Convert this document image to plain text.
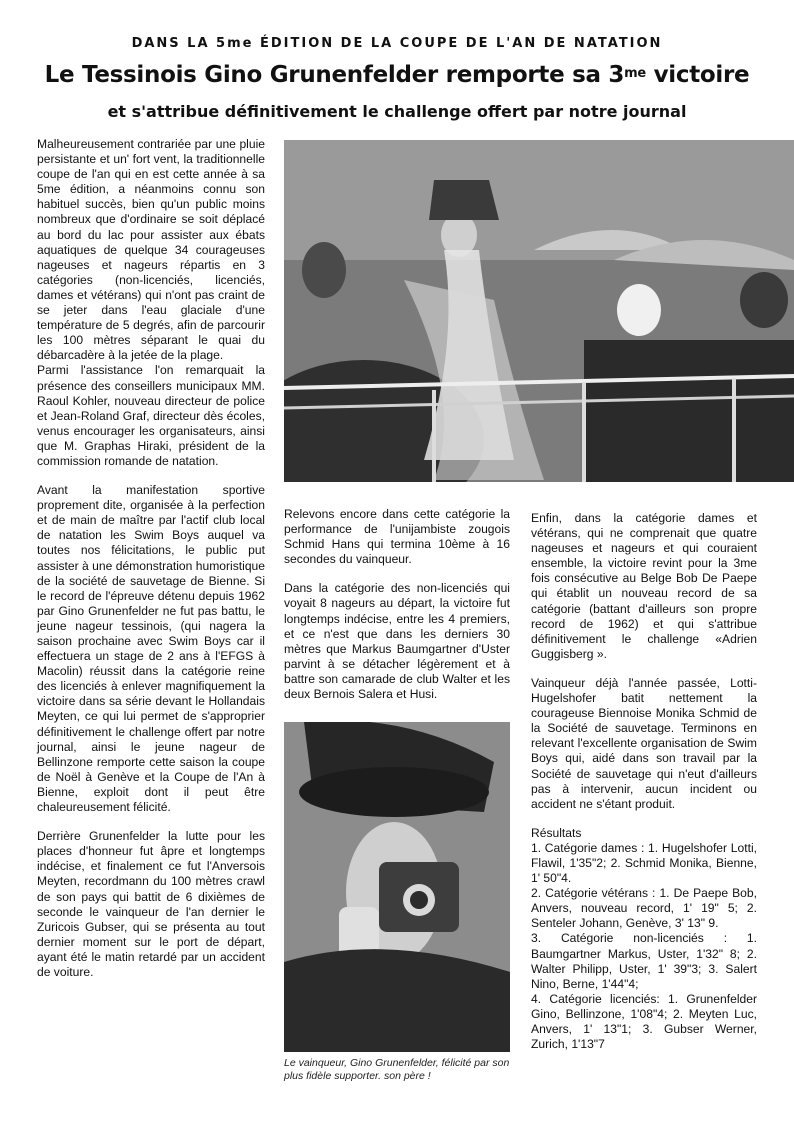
DANS LA 5me ÉDITION DE LA COUPE DE L'AN DE NATATION
Le Tessinois Gino Grunenfelder remporte sa $3^{me}$ victoire
et s'attribue définitivement le challenge offert par notre journal

Malheureusement contrariée par une pluie persistante et un' fort vent, la traditionnelle coupe de l'an qui en est cette année à sa 5me édition, a néanmoins connu son habituel succès, bien qu'un public moins nombreux que d'ordinaire se soit déplacé au bord du lac pour assister aux ébats aquatiques de quelque 34 courageuses nageuses et nageurs répartis en 3 catégories (non-licenciés, licenciés, dames et vétérans) qui n'ont pas craint de se jeter dans l'eau glaciale d'une température de 5 degrés, afin de parcourir les 100 mètres séparant le quai du débarcadère à la jetée de la plage.

Parmi l'assistance l'on remarquait la présence des conseillers municipaux MM. Raoul Kohler, nouveau directeur de police et Jean-Roland Graf, directeur dès écoles, venus encourager les organisateurs, ainsi que M. Graphas Hiraki, président de la commission romande de natation.

Avant la manifestation sportive proprement dite, organisée à la perfection et de main de maître par l'actif club local de natation les Swim Boys auquel va toutes nos félicitations, le public put assister à une démonstration humoristique de la société de sauvetage de Bienne. Si le record de l'épreuve détenu depuis 1962 par Gino Grunenfelder ne fut pas battu, le jeune nageur tessinois, (qui nagera la saison prochaine avec Swim Boys car il effectuera un stage de 2 ans à l'EFGS à Macolin) réussit dans la catégorie reine des licenciés à enlever magnifiquement la victoire dans sa série devant le Hollandais Meyten, ce qui lui permet de s'approprier définitivement le challenge offert par notre journal, ainsi le jeune nageur de Bellinzone remporte cette saison la coupe de Noël à Genève et la Coupe de l'An à Bienne, exploit dont il peut être chaleureusement félicité.

Derrière Grunenfelder la lutte pour les places d'honneur fut âpre et longtemps indécise, et finalement ce fut l'Anversois Meyten, recordmann du 100 mètres crawl de son pays qui battit de 6 dixièmes de seconde le vainqueur de l'an dernier le Zuricois Gubser, qui se présenta au tout dernier moment sur le port de départ, ayant été le matin retardé par un accident de voiture.

Relevons encore dans cette catégorie la performance de l'unijambiste zougois Schmid Hans qui termina 10ème à 16 secondes du vainqueur.

Dans la catégorie des non-licenciés qui voyait 8 nageurs au départ, la victoire fut longtemps indécise, entre les 4 premiers, et ce n'est que dans les derniers 30 mètres que Markus Baumgartner d'Uster parvint à se détacher légèrement et à battre son camarade de club Walter et les deux Bernois Salera et Husi.

Le vainqueur, Gino Grunenfelder, félicité par son plus fidèle supporter. son père !

Enfin, dans la catégorie dames et vétérans, qui ne comprenait que quatre nageuses et nageurs et qui couraient ensemble, la victoire revint pour la 3me fois consécutive au Belge Bob De Paepe qui établit un nouveau record de sa catégorie (battant d'ailleurs son propre record de 1962) et qui s'attribue définitivement le challenge «Adrien Guggisberg ».

Vainqueur déjà l'année passée, Lotti-Hugelshofer batit nettement la courageuse Biennoise Monika Schmid de la Société de sauvetage. Terminons en relevant l'excellente organisation de Swim Boys qui, aidé dans son travail par la Société de sauvetage qui n'eut d'ailleurs pas à intervenir, aucun incident ou accident ne s'étant produit.

Résultats

1. Catégorie dames : 1. Hugelshofer Lotti, Flawil, 1'35"2; 2. Schmid Monika, Bienne, 1' 50"4.

2. Catégorie vétérans : 1. De Paepe Bob, Anvers, nouveau record, 1' 19" 5; 2. Senteler Johann, Genève, 3' 13" 9.

3. Catégorie non-licenciés : 1. Baumgartner Markus, Uster, 1'32" 8; 2. Walter Philipp, Uster, 1' 39"3; 3. Salert Nino, Berne, 1'44"4;

4. Catégorie licenciés: 1. Grunenfelder Gino, Bellinzone, 1'08"4; 2. Meyten Luc, Anvers, 1' 13"1; 3. Gubser Werner, Zurich, 1'13"7
